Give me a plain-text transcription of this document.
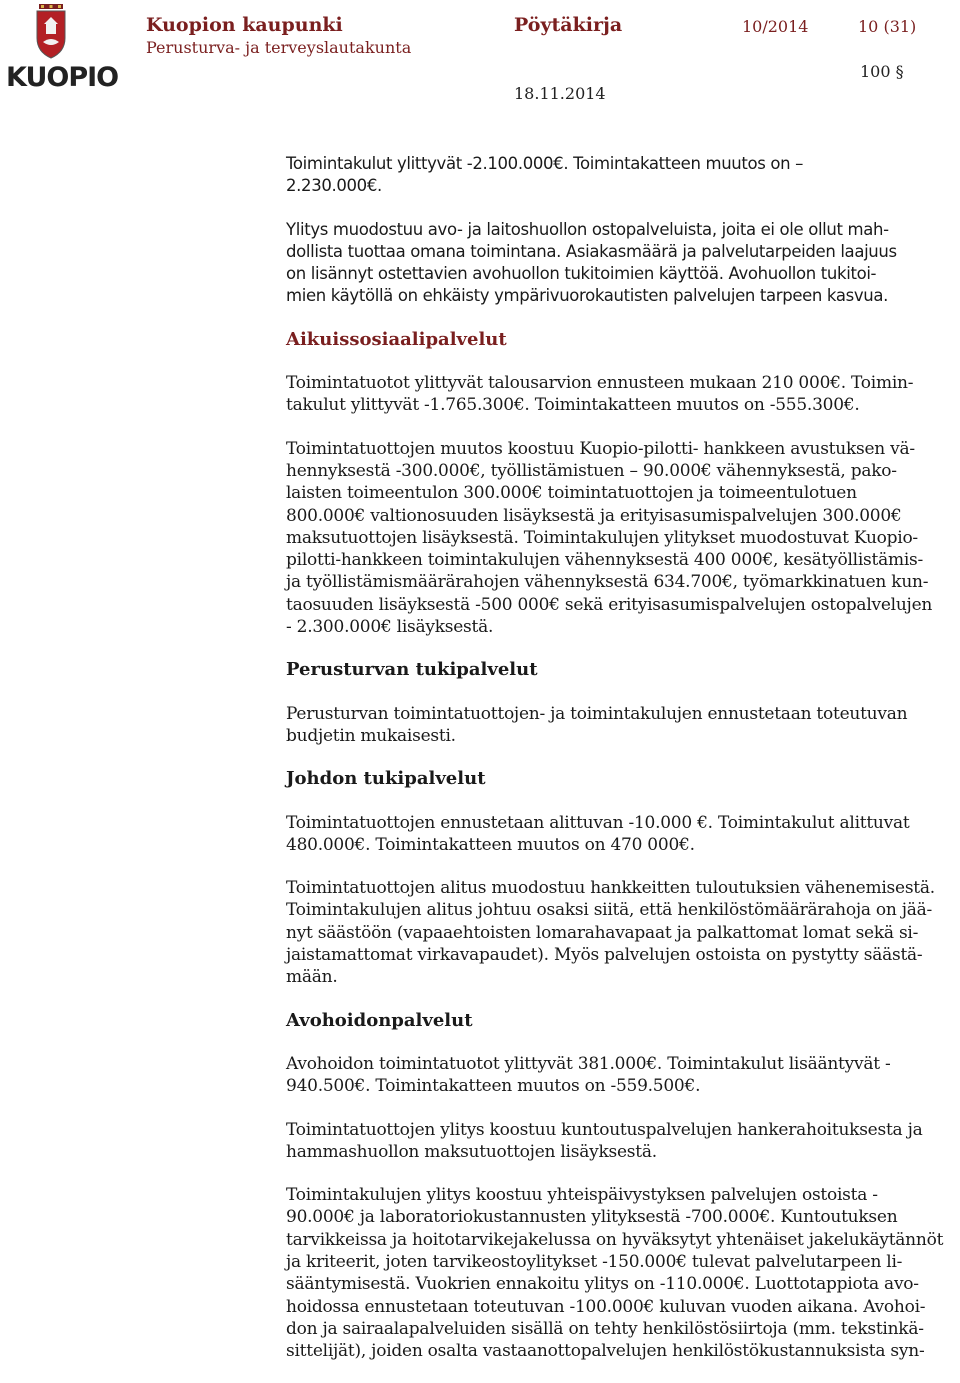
KUOPIO
Kuopion kaupunki
Perusturva- ja terveyslautakunta
Pöytäkirja	10/2014	10 (31)
100 §
18.11.2014
Toimintakulut ylittyvät -2.100.000€. Toimintakatteen muutos on –
2.230.000€.
Ylitys muodostuu avo- ja laitoshuollon ostopalveluista, joita ei ole ollut mah-
dollista tuottaa omana toimintana. Asiakasmäärä ja palvelutarpeiden laajuus
on lisännyt ostettavien avohuollon tukitoimien käyttöä. Avohuollon tukitoi-
mien käytöllä on ehkäisty ympärivuorokautisten palvelujen tarpeen kasvua.
Aikuissosiaalipalvelut
Toimintatuotot ylittyvät talousarvion ennusteen mukaan 210 000€. Toimin-
takulut ylittyvät -1.765.300€. Toimintakatteen muutos on -555.300€.
Toimintatuottojen muutos koostuu Kuopio-pilotti- hankkeen avustuksen vä-
hennyksestä -300.000€, työllistämistuen – 90.000€ vähennyksestä, pako-
laisten toimeentulon 300.000€ toimintatuottojen ja toimeentulotuen
800.000€ valtionosuuden lisäyksestä ja erityisasumispalvelujen 300.000€
maksutuottojen lisäyksestä. Toimintakulujen ylitykset muodostuvat Kuopio-
pilotti-hankkeen toimintakulujen vähennyksestä 400 000€, kesätyöllistämis-
ja työllistämismäärärahojen vähennyksestä 634.700€, työmarkkinatuen kun-
taosuuden lisäyksestä -500 000€ sekä erityisasumispalvelujen ostopalvelujen
- 2.300.000€ lisäyksestä.
Perusturvan tukipalvelut
Perusturvan toimintatuottojen- ja toimintakulujen ennustetaan toteutuvan
budjetin mukaisesti.
Johdon tukipalvelut
Toimintatuottojen ennustetaan alittuvan -10.000 €. Toimintakulut alittuvat
480.000€. Toimintakatteen muutos on 470 000€.
Toimintatuottojen alitus muodostuu hankkeitten tuloutuksien vähenemisestä.
Toimintakulujen alitus johtuu osaksi siitä, että henkilöstömäärärahoja on jää-
nyt säästöön (vapaaehtoisten lomarahavapaat ja palkattomat lomat sekä si-
jaistamattomat virkavapaudet). Myös palvelujen ostoista on pystytty säästä-
mään.
Avohoidonpalvelut
Avohoidon toimintatuotot ylittyvät 381.000€. Toimintakulut lisääntyvät -
940.500€. Toimintakatteen muutos on -559.500€.
Toimintatuottojen ylitys koostuu kuntoutuspalvelujen hankerahoituksesta ja
hammashuollon maksutuottojen lisäyksestä.
Toimintakulujen ylitys koostuu yhteispäivystyksen palvelujen ostoista -
90.000€ ja laboratoriokustannusten ylityksestä -700.000€. Kuntoutuksen
tarvikkeissa ja hoitotarvikejakelussa on hyväksytyt yhtenäiset jakelukäytännöt
ja kriteerit, joten tarvikeostoylitykset -150.000€ tulevat palvelutarpeen li-
sääntymisestä. Vuokrien ennakoitu ylitys on -110.000€. Luottotappiota avo-
hoidossa ennustetaan toteutuvan -100.000€ kuluvan vuoden aikana. Avohoi-
don ja sairaalapalveluiden sisällä on tehty henkilöstösiirtoja (mm. tekstinkä-
sittelijät), joiden osalta vastaanottopalvelujen henkilöstökustannuksista syn-
